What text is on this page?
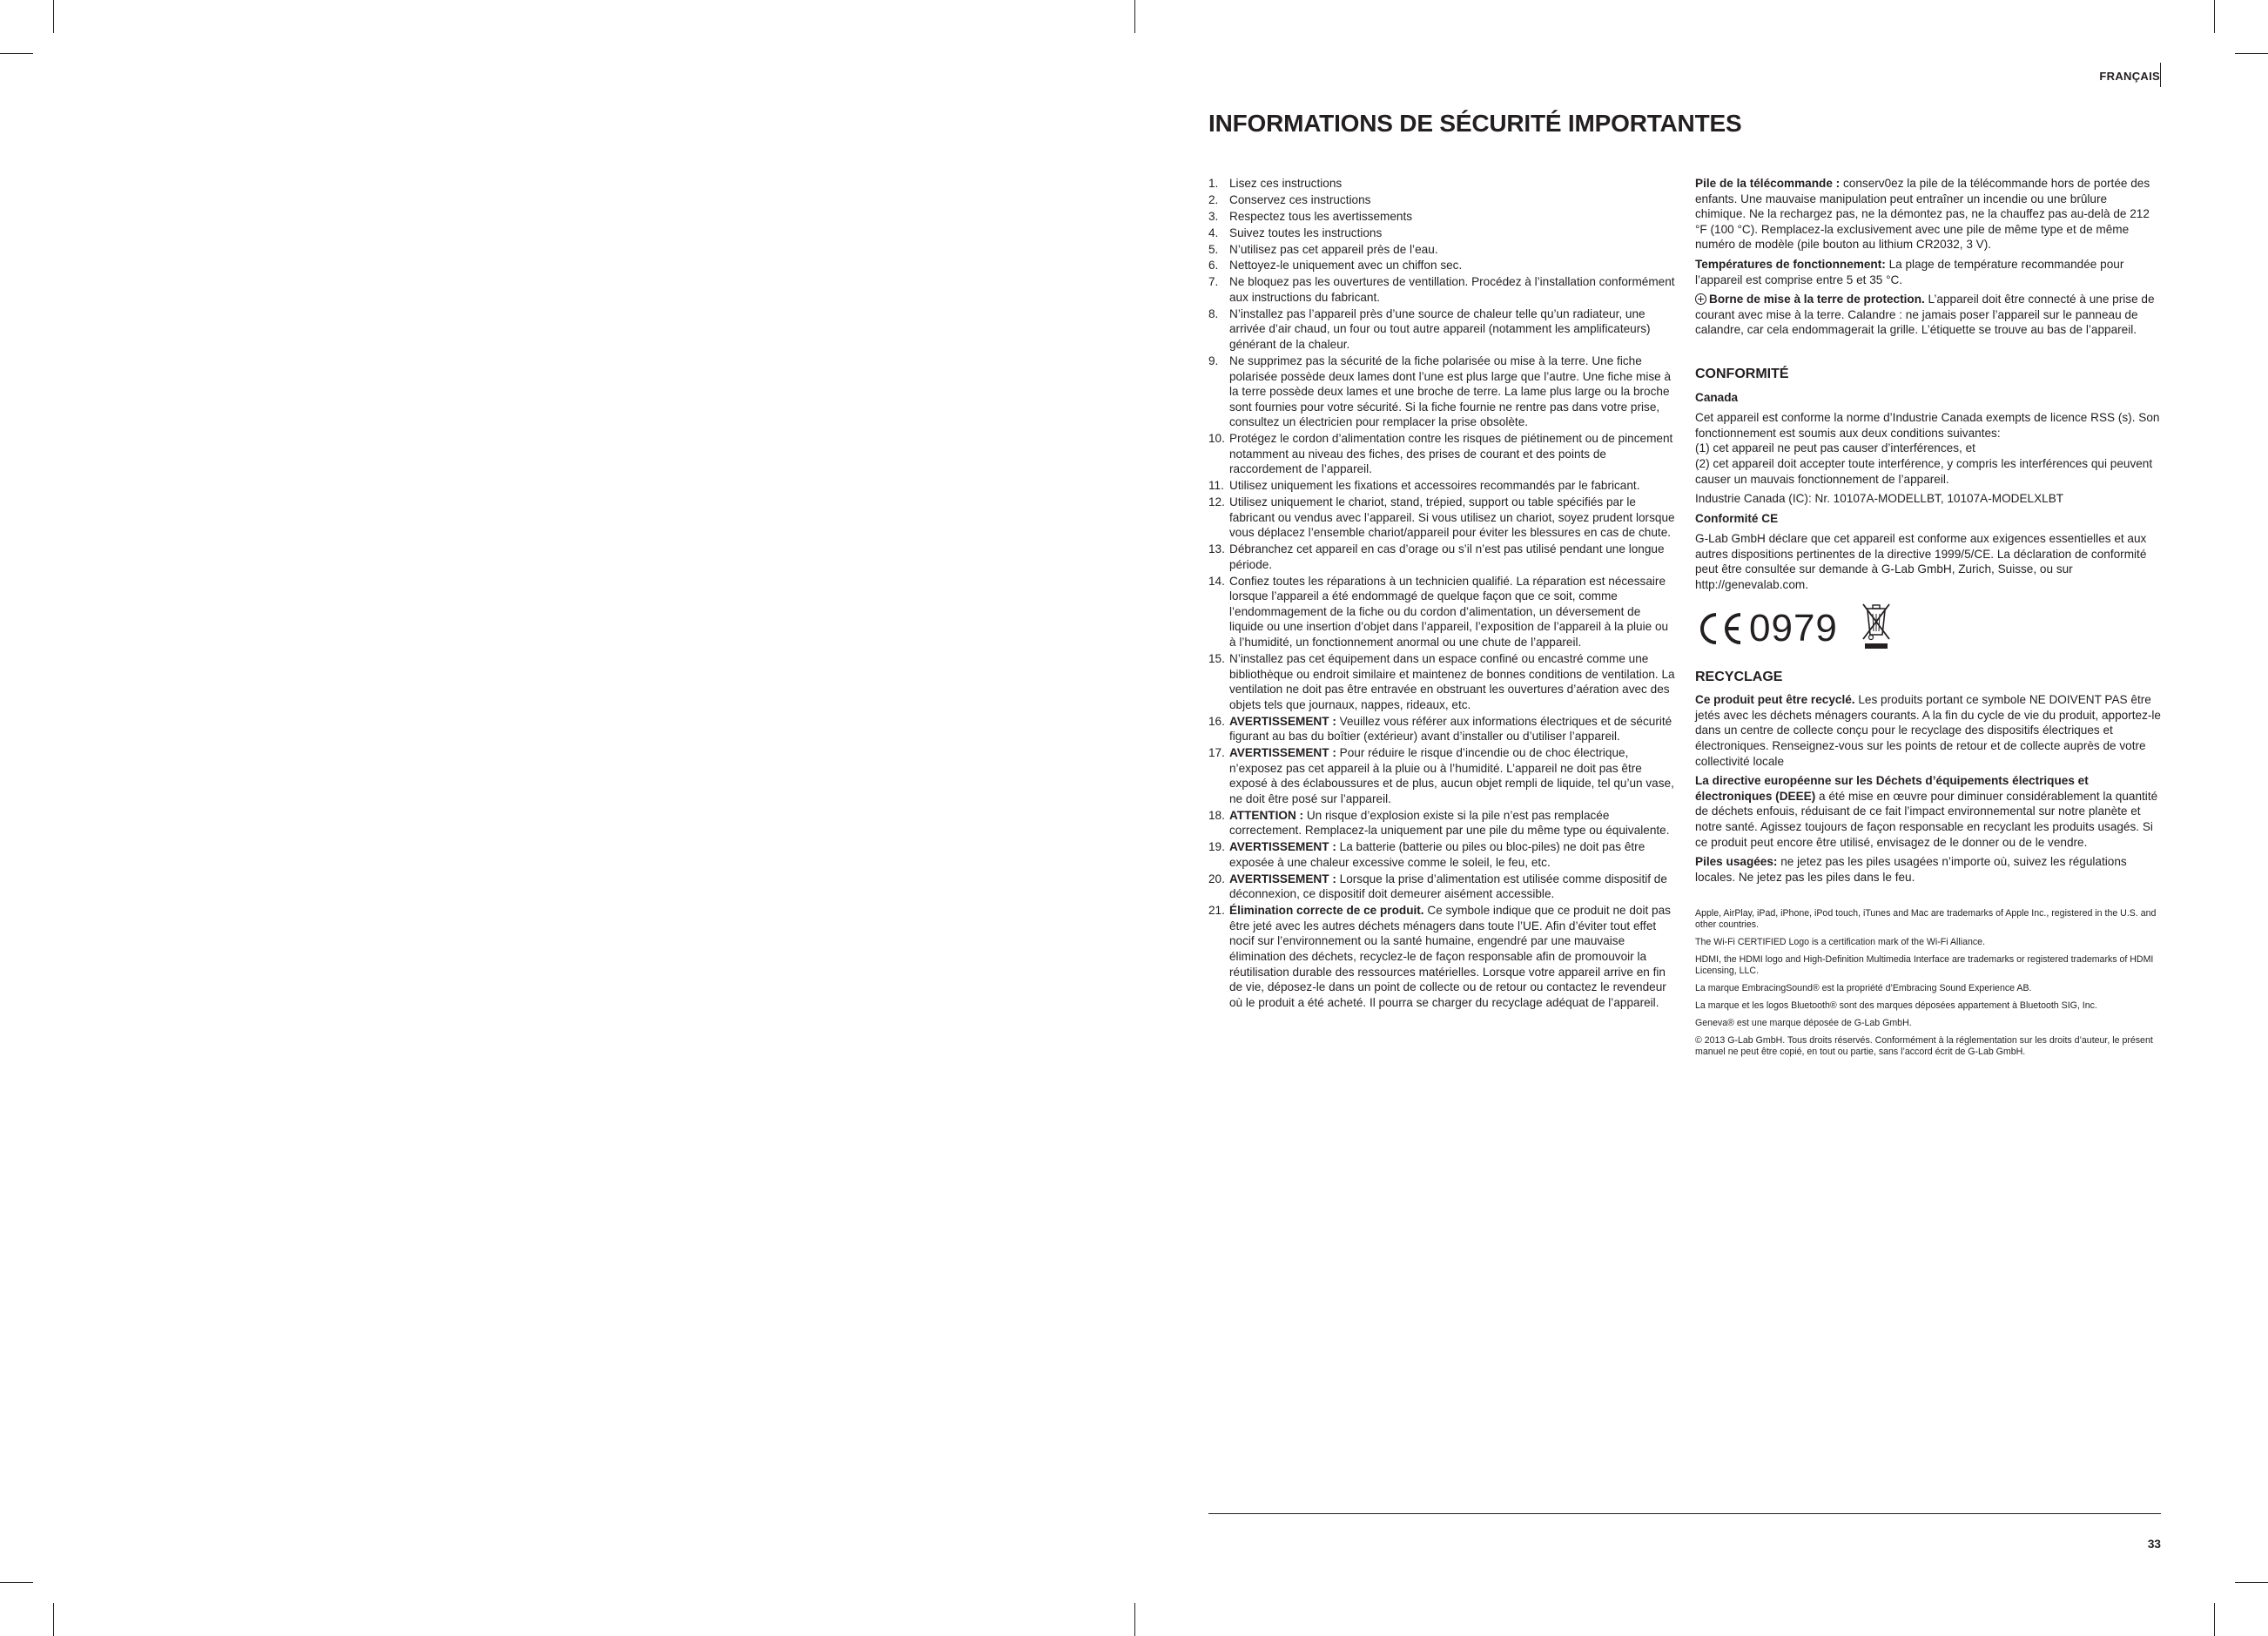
FRANÇAIS
INFORMATIONS DE SÉCURITÉ IMPORTANTES
1. Lisez ces instructions
2. Conservez ces instructions
3. Respectez tous les avertissements
4. Suivez toutes les instructions
5. N’utilisez pas cet appareil près de l’eau.
6. Nettoyez-le uniquement avec un chiffon sec.
7. Ne bloquez pas les ouvertures de ventillation. Procédez à l’installation conformément aux instructions du fabricant.
8. N’installez pas l’appareil près d’une source de chaleur telle qu’un radiateur, une arrivée d’air chaud, un four ou tout autre appareil (notamment les amplificateurs) générant de la chaleur.
9. Ne supprimez pas la sécurité de la fiche polarisée ou mise à la terre. Une fiche polarisée possède deux lames dont l’une est plus large que l’autre. Une fiche mise à la terre possède deux lames et une broche de terre. La lame plus large ou la broche sont fournies pour votre sécurité. Si la fiche fournie ne rentre pas dans votre prise, consultez un électricien pour remplacer la prise obsolète.
10. Protégez le cordon d’alimentation contre les risques de piétinement ou de pincement notamment au niveau des fiches, des prises de courant et des points de raccordement de l’appareil.
11. Utilisez uniquement les fixations et accessoires recommandés par le fabricant.
12. Utilisez uniquement le chariot, stand, trépied, support ou table spécifiés par le fabricant ou vendus avec l’appareil. Si vous utilisez un chariot, soyez prudent lorsque vous déplacez l’ensemble chariot/appareil pour éviter les blessures en cas de chute.
13. Débranchez cet appareil en cas d’orage ou s’il n’est pas utilisé pendant une longue période.
14. Confiez toutes les réparations à un technicien qualifié. La réparation est nécessaire lorsque l’appareil a été endommagé de quelque façon que ce soit, comme l’endommagement de la fiche ou du cordon d’alimentation, un déversement de liquide ou une insertion d’objet dans l’appareil, l’exposition de l’appareil à la pluie ou à l’humidité, un fonctionnement anormal ou une chute de l’appareil.
15. N’installez pas cet équipement dans un espace confiné ou encastré comme une bibliothèque ou endroit similaire et maintenez de bonnes conditions de ventilation. La ventilation ne doit pas être entravée en obstruant les ouvertures d’aération avec des objets tels que journaux, nappes, rideaux, etc.
16. AVERTISSEMENT : Veuillez vous référer aux informations électriques et de sécurité figurant au bas du boîtier (extérieur) avant d’installer ou d’utiliser l’appareil.
17. AVERTISSEMENT : Pour réduire le risque d’incendie ou de choc électrique, n’exposez pas cet appareil à la pluie ou à l’humidité. L’appareil ne doit pas être exposé à des éclaboussures et de plus, aucun objet rempli de liquide, tel qu’un vase, ne doit être posé sur l’appareil.
18. ATTENTION : Un risque d’explosion existe si la pile n’est pas remplacée correctement. Remplacez-la uniquement par une pile du même type ou équivalente.
19. AVERTISSEMENT : La batterie (batterie ou piles ou bloc-piles) ne doit pas être exposée à une chaleur excessive comme le soleil, le feu, etc.
20. AVERTISSEMENT : Lorsque la prise d’alimentation est utilisée comme dispositif de déconnexion, ce dispositif doit demeurer aisément accessible.
21. Élimination correcte de ce produit. Ce symbole indique que ce produit ne doit pas être jeté avec les autres déchets ménagers dans toute l’UE. Afin d’éviter tout effet nocif sur l’environnement ou la santé humaine, engendré par une mauvaise élimination des déchets, recyclez-le de façon responsable afin de promouvoir la réutilisation durable des ressources matérielles. Lorsque votre appareil arrive en fin de vie, déposez-le dans un point de collecte ou de retour ou contactez le revendeur où le produit a été acheté. Il pourra se charger du recyclage adéquat de l’appareil.

Pile de la télécommande : conserv0ez la pile de la télécommande hors de portée des enfants. Une mauvaise manipulation peut entraîner un incendie ou une brûlure chimique. Ne la rechargez pas, ne la démontez pas, ne la chauffez pas au-delà de 212 °F (100 °C). Remplacez-la exclusivement avec une pile de même type et de même numéro de modèle (pile bouton au lithium CR2032, 3 V).

Températures de fonctionnement: La plage de température recommandée pour l’appareil est comprise entre 5 et 35 °C.

Borne de mise à la terre de protection. L’appareil doit être connecté à une prise de courant avec mise à la terre. Calandre : ne jamais poser l’appareil sur le panneau de calandre, car cela endommagerait la grille. L’étiquette se trouve au bas de l’appareil.

CONFORMITÉ
Canada

Cet appareil est conforme la norme d’Industrie Canada exempts de licence RSS (s). Son fonctionnement est soumis aux deux conditions suivantes:

(1) cet appareil ne peut pas causer d’interférences, et

(2) cet appareil doit accepter toute interférence, y compris les interférences qui peuvent causer un mauvais fonctionnement de l’appareil.

Industrie Canada (IC): Nr. 10107A-MODELLBT, 10107A-MODELXLBT

Conformité CE

G-Lab GmbH déclare que cet appareil est conforme aux exigences essentielles et aux autres dispositions pertinentes de la directive 1999/5/CE. La déclaration de conformité peut être consultée sur demande à G-Lab GmbH, Zurich, Suisse, ou sur http://genevalab.com.

0979
RECYCLAGE

Ce produit peut être recyclé. Les produits portant ce symbole NE DOIVENT PAS être jetés avec les déchets ménagers courants. A la fin du cycle de vie du produit, apportez-le dans un centre de collecte conçu pour le recyclage des dispositifs électriques et électroniques. Renseignez-vous sur les points de retour et de collecte auprès de votre collectivité locale

La directive européenne sur les Déchets d’équipements électriques et électroniques (DEEE) a été mise en œuvre pour diminuer considérablement la quantité de déchets enfouis, réduisant de ce fait l’impact environnemental sur notre planète et notre santé. Agissez toujours de façon responsable en recyclant les produits usagés. Si ce produit peut encore être utilisé, envisagez de le donner ou de le vendre.

Piles usagées: ne jetez pas les piles usagées n’importe où, suivez les régulations locales. Ne jetez pas les piles dans le feu.

Apple, AirPlay, iPad, iPhone, iPod touch, iTunes and Mac are trademarks of Apple Inc., registered in the U.S. and other countries.

The Wi-Fi CERTIFIED Logo is a certification mark of the Wi-Fi Alliance.

HDMI, the HDMI logo and High-Definition Multimedia Interface are trademarks or registered trademarks of HDMI Licensing, LLC.

La marque EmbracingSound® est la propriété d’Embracing Sound Experience AB.

La marque et les logos Bluetooth® sont des marques déposées appartement à Bluetooth SIG, Inc.

Geneva® est une marque déposée de G-Lab GmbH.

© 2013 G-Lab GmbH. Tous droits réservés. Conformément à la réglementation sur les droits d’auteur, le présent manuel ne peut être copié, en tout ou partie, sans l’accord écrit de G-Lab GmbH.

33
